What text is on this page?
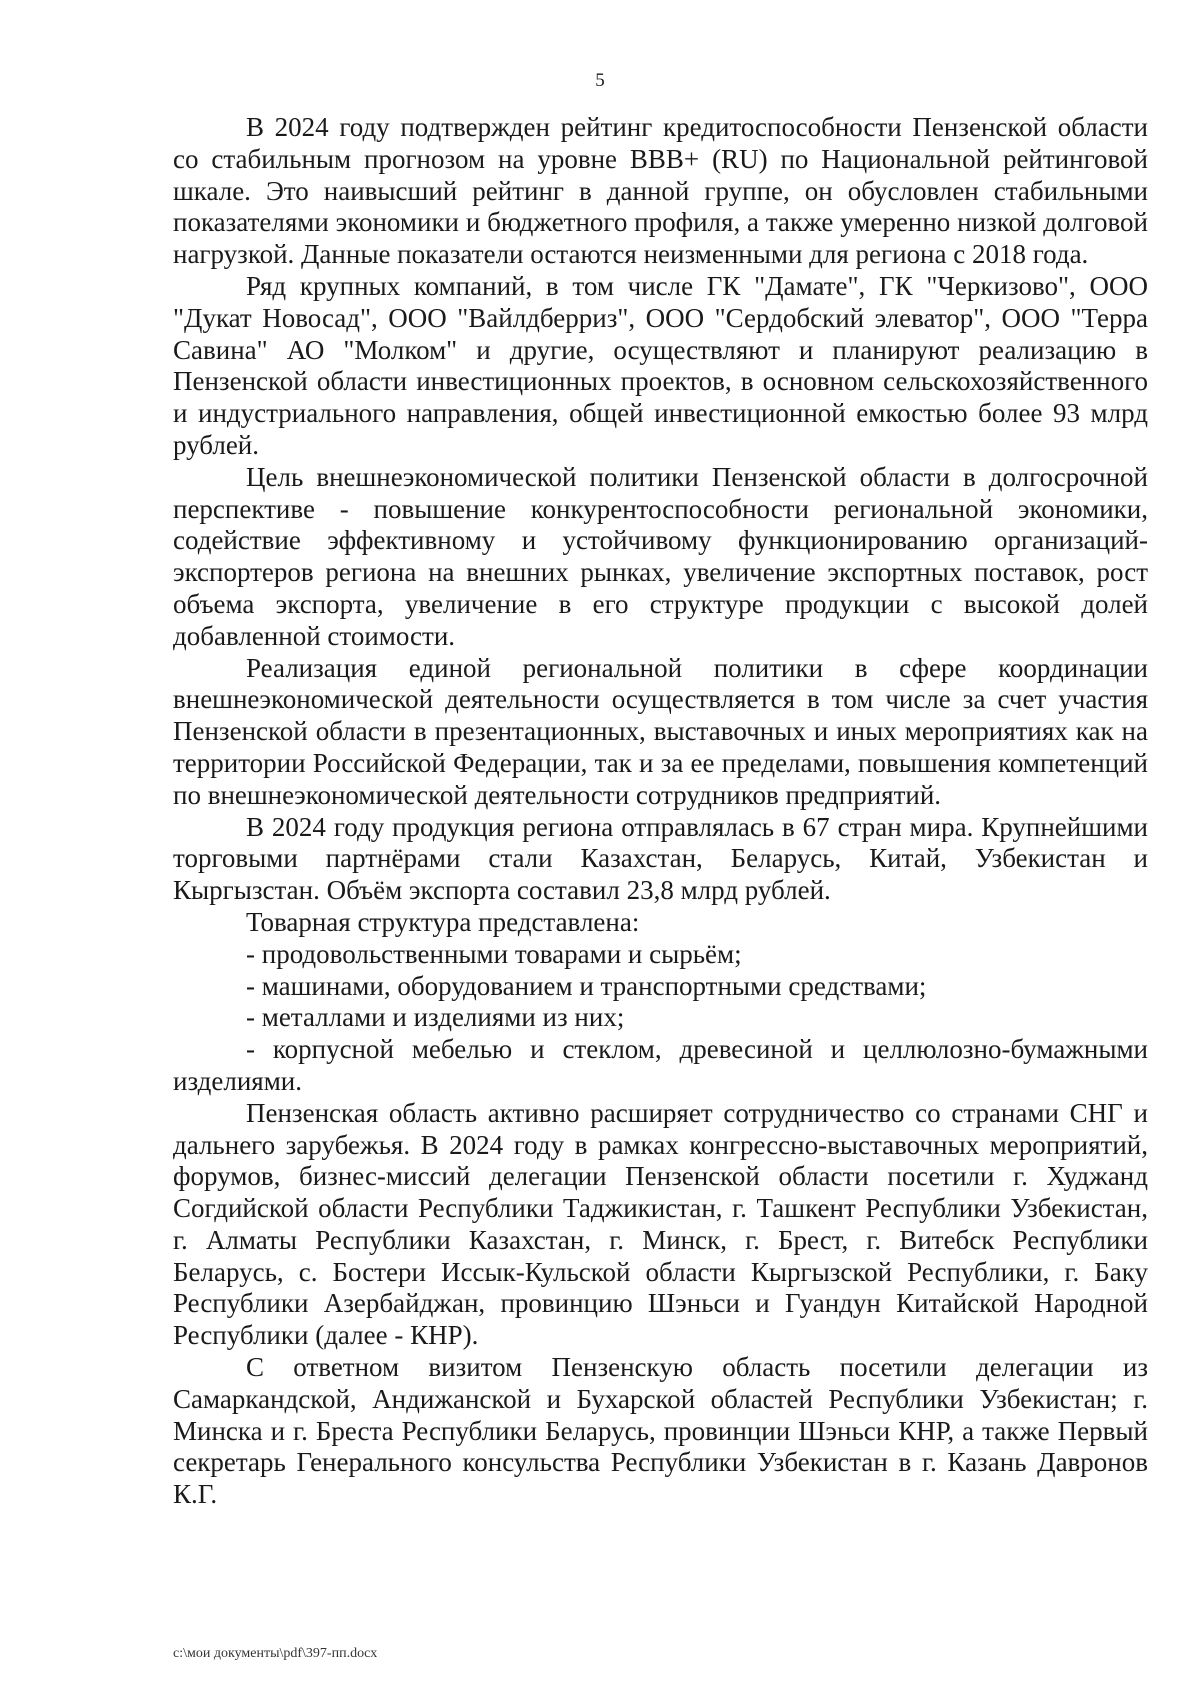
5

В 2024 году подтвержден рейтинг кредитоспособности Пензенской области со стабильным прогнозом на уровне BBB+ (RU) по Национальной рейтинговой шкале. Это наивысший рейтинг в данной группе, он обусловлен стабильными показателями экономики и бюджетного профиля, а также умеренно низкой долговой нагрузкой. Данные показатели остаются неизменными для региона с 2018 года.

Ряд крупных компаний, в том числе ГК "Дамате", ГК "Черкизово", ООО "Дукат Новосад", ООО "Вайлдберриз", ООО "Сердобский элеватор", ООО "Терра Савина" АО "Молком" и другие, осуществляют и планируют реализацию в Пензенской области инвестиционных проектов, в основном сельскохозяйственного и индустриального направления, общей инвестиционной емкостью более 93 млрд рублей.

Цель внешнеэкономической политики Пензенской области в долгосрочной перспективе - повышение конкурентоспособности региональной экономики, содействие эффективному и устойчивому функционированию организаций-экспортеров региона на внешних рынках, увеличение экспортных поставок, рост объема экспорта, увеличение в его структуре продукции с высокой долей добавленной стоимости.

Реализация единой региональной политики в сфере координации внешнеэкономической деятельности осуществляется в том числе за счет участия Пензенской области в презентационных, выставочных и иных мероприятиях как на территории Российской Федерации, так и за ее пределами, повышения компетенций по внешнеэкономической деятельности сотрудников предприятий.

В 2024 году продукция региона отправлялась в 67 стран мира. Крупнейшими торговыми партнёрами стали Казахстан, Беларусь, Китай, Узбекистан и Кыргызстан. Объём экспорта составил 23,8 млрд рублей.

Товарная структура представлена:

- продовольственными товарами и сырьём;

- машинами, оборудованием и транспортными средствами;

- металлами и изделиями из них;

- корпусной мебелью и стеклом, древесиной и целлюлозно-бумажными изделиями.

Пензенская область активно расширяет сотрудничество со странами СНГ и дальнего зарубежья. В 2024 году в рамках конгрессно-выставочных мероприятий, форумов, бизнес-миссий делегации Пензенской области посетили г. Худжанд Согдийской области Республики Таджикистан, г. Ташкент Республики Узбекистан, г. Алматы Республики Казахстан, г. Минск, г. Брест, г. Витебск Республики Беларусь, с. Бостери Иссык-Кульской области Кыргызской Республики, г. Баку Республики Азербайджан, провинцию Шэньси и Гуандун Китайской Народной Республики (далее - КНР).

С ответном визитом Пензенскую область посетили делегации из Самаркандской, Андижанской и Бухарской областей Республики Узбекистан; г. Минска и г. Бреста Республики Беларусь, провинции Шэньси КНР, а также Первый секретарь Генерального консульства Республики Узбекистан в г. Казань Давронов К.Г.

c:\мои документы\pdf\397-пп.docx
